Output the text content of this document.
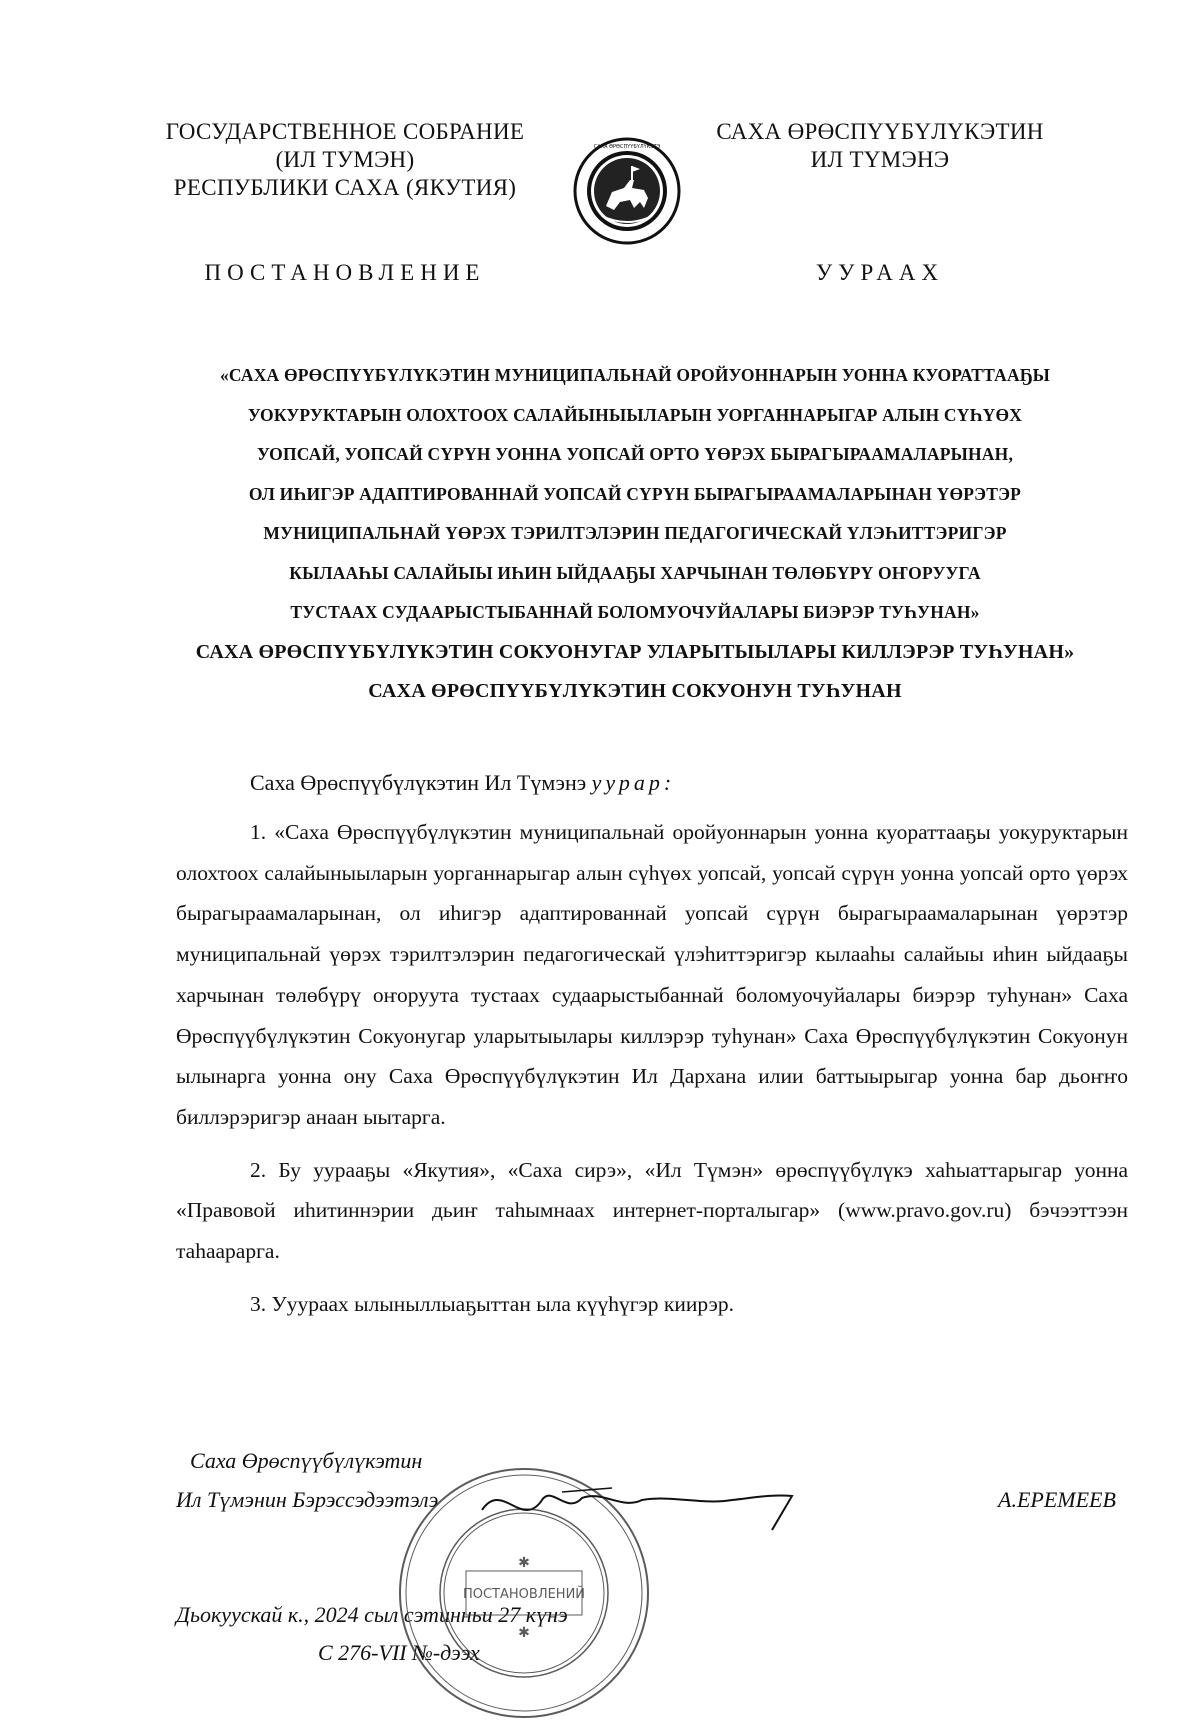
ГОСУДАРСТВЕННОЕ СОБРАНИЕ
(ИЛ ТУМЭН)
РЕСПУБЛИКИ САХА (ЯКУТИЯ)
САХА ӨРӨСПҮҮБҮЛҮКЭТЭ
САХА ӨРӨСПҮҮБҮЛҮКЭТИН
ИЛ ТҮМЭНЭ
ПОСТАНОВЛЕНИЕ	УУРААХ
«САХА ӨРӨСПҮҮБҮЛҮКЭТИН МУНИЦИПАЛЬНАЙ ОРОЙУОННАРЫН УОННА КУОРАТТААҔЫ
УОКУРУКТАРЫН ОЛОХТООХ САЛАЙЫНЫЫЛАРЫН УОРГАННАРЫГАР АЛЫН СҮҺҮӨХ
УОПСАЙ, УОПСАЙ СҮРҮН УОННА УОПСАЙ ОРТО ҮӨРЭХ БЫРАГЫРААМАЛАРЫНАН,
ОЛ ИҺИГЭР АДАПТИРОВАННАЙ УОПСАЙ СҮРҮН БЫРАГЫРААМАЛАРЫНАН ҮӨРЭТЭР
МУНИЦИПАЛЬНАЙ ҮӨРЭХ ТЭРИЛТЭЛЭРИН ПЕДАГОГИЧЕСКАЙ ҮЛЭҺИТТЭРИГЭР
КЫЛААҺЫ САЛАЙЫЫ ИҺИН ЫЙДААҔЫ ХАРЧЫНАН ТӨЛӨБҮРҮ ОҤОРУУГА
ТУСТААХ СУДААРЫСТЫБАННАЙ БОЛОМУОЧУЙАЛАРЫ БИЭРЭР ТУҺУНАН»
САХА ӨРӨСПҮҮБҮЛҮКЭТИН СОКУОНУГАР УЛАРЫТЫЫЛАРЫ КИЛЛЭРЭР ТУҺУНАН»
САХА ӨРӨСПҮҮБҮЛҮКЭТИН СОКУОНУН ТУҺУНАН
Саха Өрөспүүбүлүкэтин Ил Түмэнэ уурар:

1. «Саха Өрөспүүбүлүкэтин муниципальнай оройуоннарын уонна куораттааҕы уокуруктарын олохтоох салайыныыларын уорганнарыгар алын сүһүөх уопсай, уопсай сүрүн уонна уопсай орто үөрэх бырагыраамаларынан, ол иһигэр адаптированнай уопсай сүрүн бырагыраамаларынан үөрэтэр муниципальнай үөрэх тэрилтэлэрин педагогическай үлэһиттэригэр кылааһы салайыы иһин ыйдааҕы харчынан төлөбүрү оҥоруута тустаах судаарыстыбаннай боломуочуйалары биэрэр туһунан» Саха Өрөспүүбүлүкэтин Сокуонугар уларытыылары киллэрэр туһунан» Саха Өрөспүүбүлүкэтин Сокуонун ылынарга уонна ону Саха Өрөспүүбүлүкэтин Ил Дархана илии баттыырыгар уонна бар дьоҥҥо биллэрэригэр анаан ыытарга.

2. Бу уурааҕы «Якутия», «Саха сирэ», «Ил Түмэн» өрөспүүбүлүкэ хаһыаттарыгар уонна «Правовой иһитиннэрии дьиҥ таһымнаах интернет-порталыгар» (www.pravo.gov.ru) бэчээттээн таһаарарга.

3. Ууураах ылыныллыаҕыттан ыла күүһүгэр киирэр.

Саха Өрөспүүбүлүкэтин
Ил Түмэнин Бэрэссэдээтэлэ	А.ЕРЕМЕЕВ
Дьокуускай к., 2024 сыл сэтинньи 27 күнэ
С 276-VII №-дээх
ПОСТАНОВЛЕНИЙ
✱
✱
